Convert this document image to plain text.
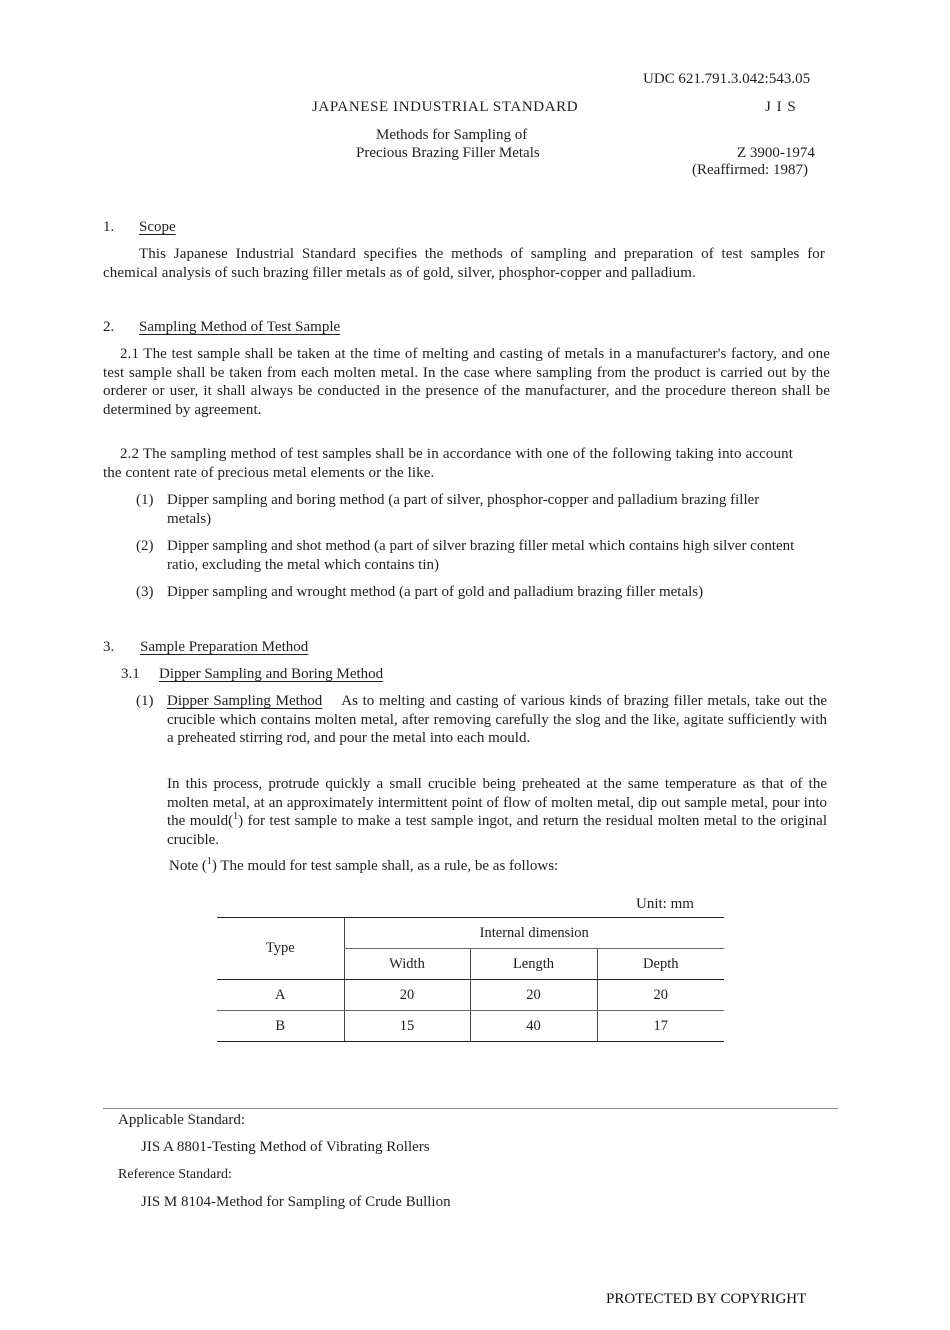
UDC 621.791.3.042:543.05
JAPANESE INDUSTRIAL STANDARD	J I S
Methods for Sampling of
Precious Brazing Filler Metals	Z 3900-1974
(Reaffirmed: 1987)
1. Scope
This Japanese Industrial Standard specifies the methods of sampling and preparation of test samples for chemical analysis of such brazing filler metals as of gold, silver, phosphor-copper and palladium.
2. Sampling Method of Test Sample
2.1 The test sample shall be taken at the time of melting and casting of metals in a manufacturer's factory, and one test sample shall be taken from each molten metal. In the case where sampling from the product is carried out by the orderer or user, it shall always be conducted in the presence of the manufacturer, and the procedure thereon shall be determined by agreement.
2.2 The sampling method of test samples shall be in accordance with one of the following taking into account the content rate of precious metal elements or the like.
(1) Dipper sampling and boring method (a part of silver, phosphor-copper and palladium brazing filler metals)
(2) Dipper sampling and shot method (a part of silver brazing filler metal which contains high silver content ratio, excluding the metal which contains tin)
(3) Dipper sampling and wrought method (a part of gold and palladium brazing filler metals)
3. Sample Preparation Method
3.1 Dipper Sampling and Boring Method
(1) Dipper Sampling Method As to melting and casting of various kinds of brazing filler metals, take out the crucible which contains molten metal, after removing carefully the slog and the like, agitate sufficiently with a preheated stirring rod, and pour the metal into each mould.
In this process, protrude quickly a small crucible being preheated at the same temperature as that of the molten metal, at an approximately intermittent point of flow of molten metal, dip out sample metal, pour into the mould($^1$) for test sample to make a test sample ingot, and return the residual molten metal to the original crucible.
Note ($^1$) The mould for test sample shall, as a rule, be as follows:
Unit: mm
Type	Internal dimension		
	Width	Length	Depth
A	20	20	20
B	15	40	17
Applicable Standard:
JIS A 8801-Testing Method of Vibrating Rollers
Reference Standard:
JIS M 8104-Method for Sampling of Crude Bullion
PROTECTED BY COPYRIGHT
